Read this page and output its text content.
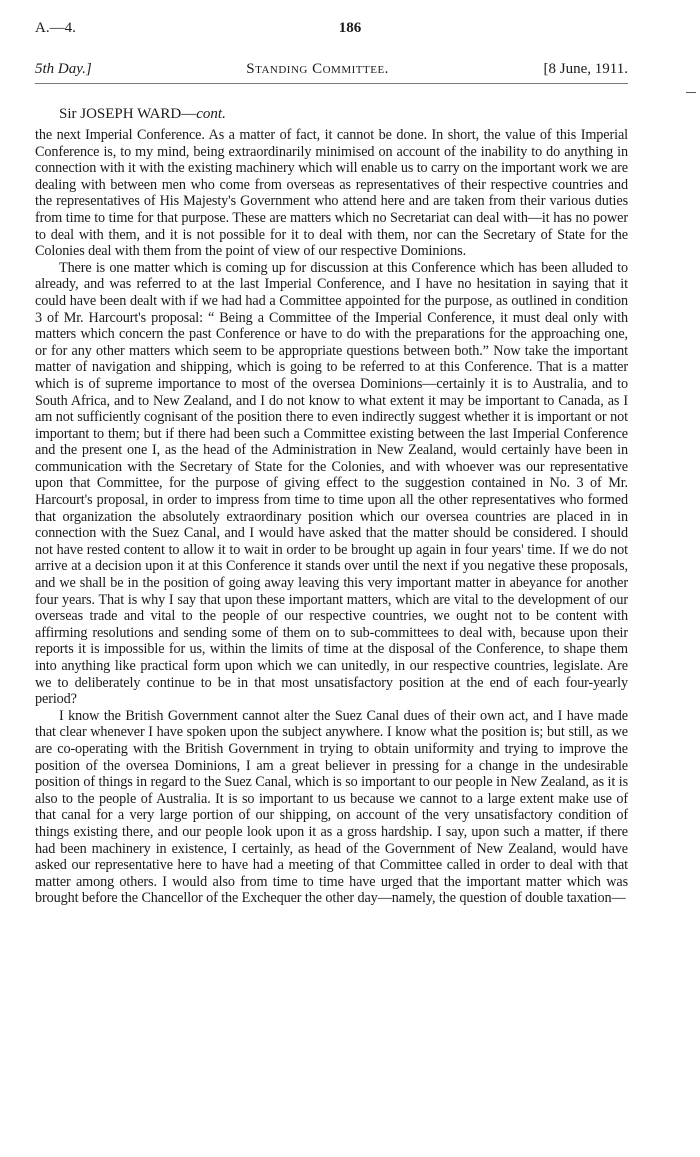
A.—4.	186
5th Day.]	Standing Committee.	[8 June, 1911.
Sir JOSEPH WARD—cont.

the next Imperial Conference. As a matter of fact, it cannot be done. In short, the value of this Imperial Conference is, to my mind, being extraordinarily minimised on account of the inability to do anything in connection with it with the existing machinery which will enable us to carry on the important work we are dealing with between men who come from overseas as representatives of their respective countries and the representatives of His Majesty's Government who attend here and are taken from their various duties from time to time for that purpose. These are matters which no Secretariat can deal with—it has no power to deal with them, and it is not possible for it to deal with them, nor can the Secretary of State for the Colonies deal with them from the point of view of our respective Dominions.

There is one matter which is coming up for discussion at this Conference which has been alluded to already, and was referred to at the last Imperial Conference, and I have no hesitation in saying that it could have been dealt with if we had had a Committee appointed for the purpose, as outlined in condition 3 of Mr. Harcourt's proposal: “ Being a Committee of the Imperial Conference, it must deal only with matters which concern the past Conference or have to do with the preparations for the approaching one, or for any other matters which seem to be appropriate questions between both.” Now take the important matter of navigation and shipping, which is going to be referred to at this Conference. That is a matter which is of supreme importance to most of the oversea Dominions—certainly it is to Australia, and to South Africa, and to New Zealand, and I do not know to what extent it may be important to Canada, as I am not sufficiently cognisant of the position there to even indirectly suggest whether it is important or not important to them; but if there had been such a Committee existing between the last Imperial Conference and the present one I, as the head of the Administration in New Zealand, would certainly have been in communication with the Secretary of State for the Colonies, and with whoever was our representative upon that Committee, for the purpose of giving effect to the suggestion contained in No. 3 of Mr. Harcourt's proposal, in order to impress from time to time upon all the other representatives who formed that organization the absolutely extraordinary position which our oversea countries are placed in in connection with the Suez Canal, and I would have asked that the matter should be considered. I should not have rested content to allow it to wait in order to be brought up again in four years' time. If we do not arrive at a decision upon it at this Conference it stands over until the next if you negative these proposals, and we shall be in the position of going away leaving this very important matter in abeyance for another four years. That is why I say that upon these important matters, which are vital to the development of our overseas trade and vital to the people of our respective countries, we ought not to be content with affirming resolutions and sending some of them on to sub-committees to deal with, because upon their reports it is impossible for us, within the limits of time at the disposal of the Conference, to shape them into anything like practical form upon which we can unitedly, in our respective countries, legislate. Are we to deliberately continue to be in that most unsatisfactory position at the end of each four-yearly period?

I know the British Government cannot alter the Suez Canal dues of their own act, and I have made that clear whenever I have spoken upon the subject anywhere. I know what the position is; but still, as we are co-operating with the British Government in trying to obtain uniformity and trying to improve the position of the oversea Dominions, I am a great believer in pressing for a change in the undesirable position of things in regard to the Suez Canal, which is so important to our people in New Zealand, as it is also to the people of Australia. It is so important to us because we cannot to a large extent make use of that canal for a very large portion of our shipping, on account of the very unsatisfactory condition of things existing there, and our people look upon it as a gross hardship. I say, upon such a matter, if there had been machinery in existence, I certainly, as head of the Government of New Zealand, would have asked our representative here to have had a meeting of that Committee called in order to deal with that matter among others. I would also from time to time have urged that the important matter which was brought before the Chancellor of the Exchequer the other day—namely, the question of double taxation—
